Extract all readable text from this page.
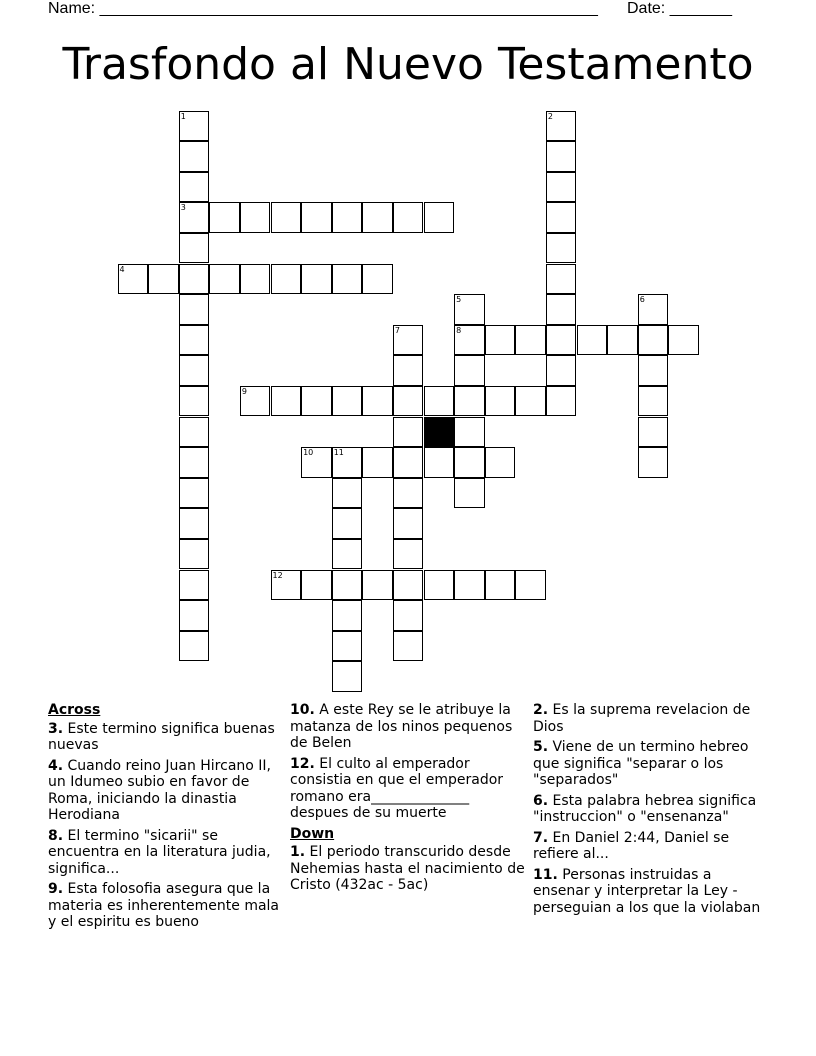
Name: ________________________________________________________ Date: _______
Trasfondo al Nuevo Testamento
1	2
3
4
5	6
7	8
9
10	11
12
Across
3. Este termino significa buenas nuevas
4. Cuando reino Juan Hircano II, un Idumeo subio en favor de Roma, iniciando la dinastia Herodiana
8. El termino "sicarii" se encuentra en la literatura judia, significa...
9. Esta folosofia asegura que la materia es inherentemente mala y el espiritu es bueno
10. A este Rey se le atribuye la matanza de los ninos pequenos de Belen
12. El culto al emperador consistia en que el emperador romano era______________ despues de su muerte
Down
1. El periodo transcurido desde Nehemias hasta el nacimiento de Cristo (432ac - 5ac)
2. Es la suprema revelacion de Dios
5. Viene de un termino hebreo que significa "separar o los "separados"
6. Esta palabra hebrea significa "instruccion" o "ensenanza"
7. En Daniel 2:44, Daniel se refiere al...
11. Personas instruidas a ensenar y interpretar la Ley - perseguian a los que la violaban
